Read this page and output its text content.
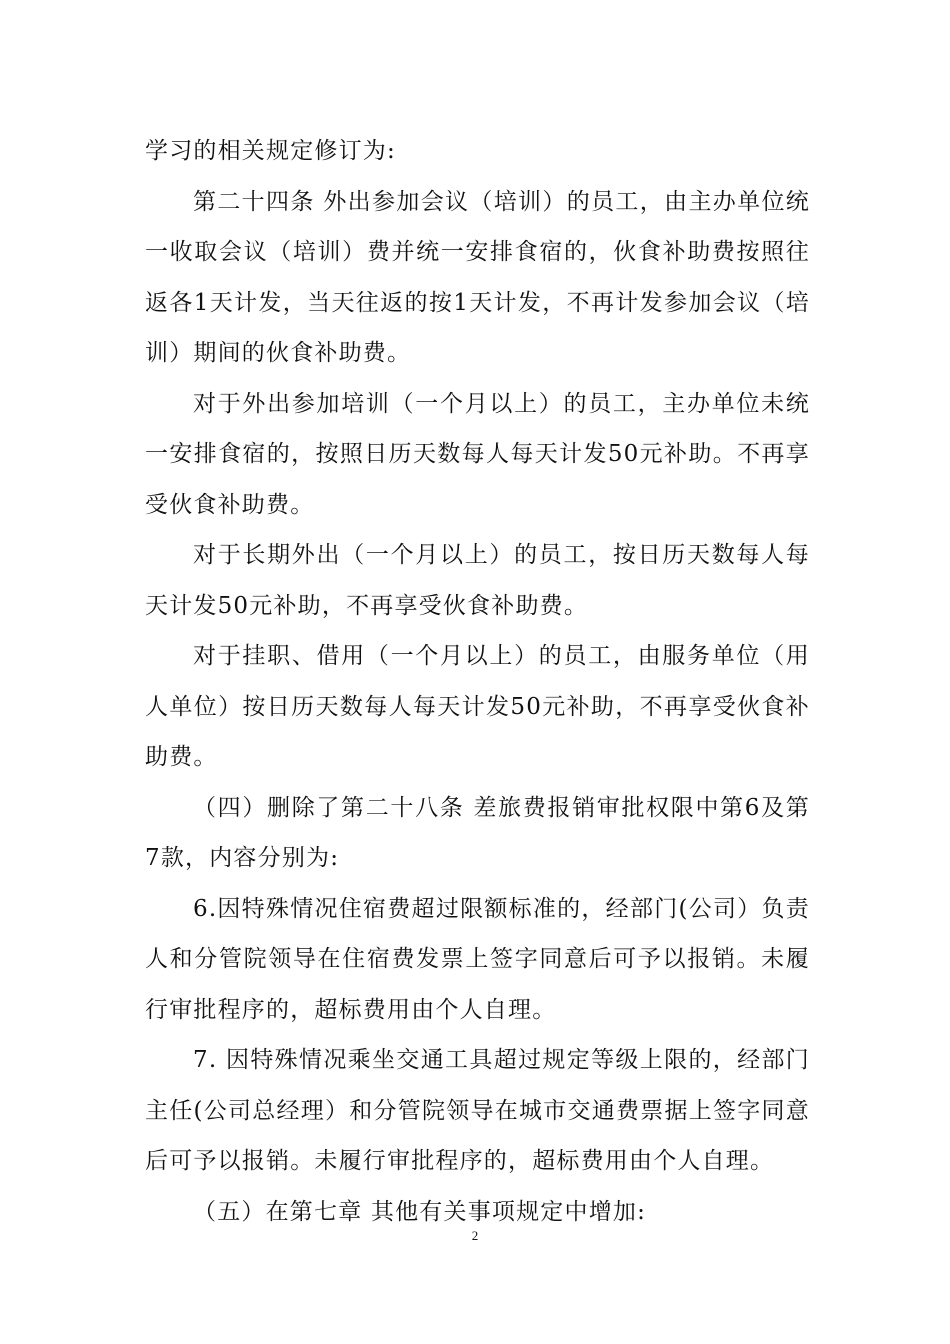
学习的相关规定修订为:

第二十四条 外出参加会议（培训）的员工，由主办单位统一收取会议（培训）费并统一安排食宿的，伙食补助费按照往返各1天计发，当天往返的按1天计发，不再计发参加会议（培训）期间的伙食补助费。

对于外出参加培训（一个月以上）的员工，主办单位未统一安排食宿的，按照日历天数每人每天计发50元补助。不再享受伙食补助费。

对于长期外出（一个月以上）的员工，按日历天数每人每天计发50元补助，不再享受伙食补助费。

对于挂职、借用（一个月以上）的员工，由服务单位（用人单位）按日历天数每人每天计发50元补助，不再享受伙食补助费。

（四）删除了第二十八条 差旅费报销审批权限中第6及第7款，内容分别为:

6.因特殊情况住宿费超过限额标准的，经部门(公司）负责人和分管院领导在住宿费发票上签字同意后可予以报销。未履行审批程序的，超标费用由个人自理。

7. 因特殊情况乘坐交通工具超过规定等级上限的，经部门主任(公司总经理）和分管院领导在城市交通费票据上签字同意后可予以报销。未履行审批程序的，超标费用由个人自理。

（五）在第七章 其他有关事项规定中增加:

2
